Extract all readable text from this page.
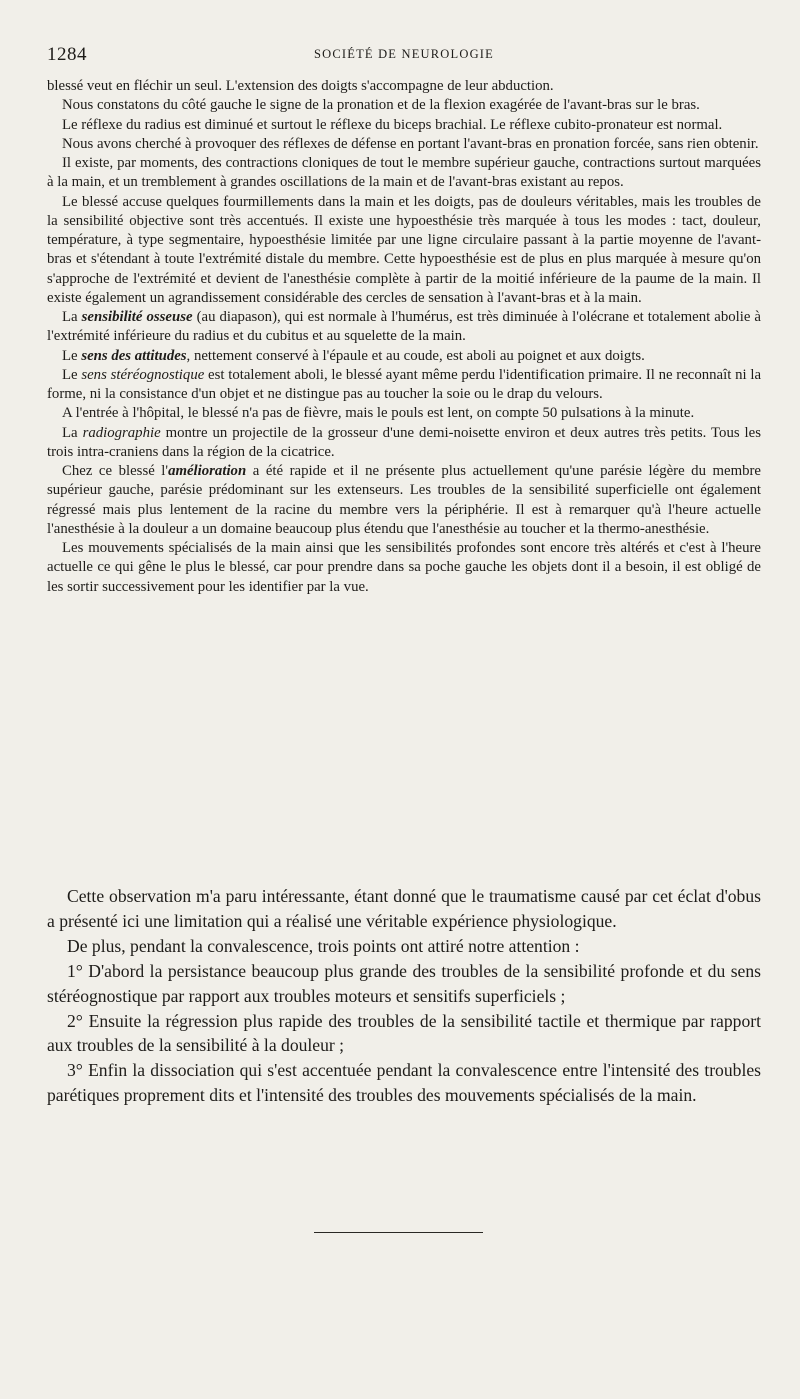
1284	SOCIÉTÉ DE NEUROLOGIE

blessé veut en fléchir un seul. L'extension des doigts s'accompagne de leur abduction.

Nous constatons du côté gauche le signe de la pronation et de la flexion exagérée de l'avant-bras sur le bras.

Le réflexe du radius est diminué et surtout le réflexe du biceps brachial. Le réflexe cubito-pronateur est normal.

Nous avons cherché à provoquer des réflexes de défense en portant l'avant-bras en pronation forcée, sans rien obtenir.

Il existe, par moments, des contractions cloniques de tout le membre supérieur gauche, contractions surtout marquées à la main, et un tremblement à grandes oscillations de la main et de l'avant-bras existant au repos.

Le blessé accuse quelques fourmillements dans la main et les doigts, pas de douleurs véritables, mais les troubles de la sensibilité objective sont très accentués. Il existe une hypoesthésie très marquée à tous les modes : tact, douleur, température, à type segmentaire, hypoesthésie limitée par une ligne circulaire passant à la partie moyenne de l'avant-bras et s'étendant à toute l'extrémité distale du membre. Cette hypoesthésie est de plus en plus marquée à mesure qu'on s'approche de l'extrémité et devient de l'anesthésie complète à partir de la moitié inférieure de la paume de la main. Il existe également un agrandissement considérable des cercles de sensation à l'avant-bras et à la main.

La sensibilité osseuse (au diapason), qui est normale à l'humérus, est très diminuée à l'olécrane et totalement abolie à l'extrémité inférieure du radius et du cubitus et au squelette de la main.

Le sens des attitudes, nettement conservé à l'épaule et au coude, est aboli au poignet et aux doigts.

Le sens stéréognostique est totalement aboli, le blessé ayant même perdu l'identification primaire. Il ne reconnaît ni la forme, ni la consistance d'un objet et ne distingue pas au toucher la soie ou le drap du velours.

A l'entrée à l'hôpital, le blessé n'a pas de fièvre, mais le pouls est lent, on compte 50 pulsations à la minute.

La radiographie montre un projectile de la grosseur d'une demi-noisette environ et deux autres très petits. Tous les trois intra-craniens dans la région de la cicatrice.

Chez ce blessé l'amélioration a été rapide et il ne présente plus actuellement qu'une parésie légère du membre supérieur gauche, parésie prédominant sur les extenseurs. Les troubles de la sensibilité superficielle ont également régressé mais plus lentement de la racine du membre vers la périphérie. Il est à remarquer qu'à l'heure actuelle l'anesthésie à la douleur a un domaine beaucoup plus étendu que l'anesthésie au toucher et la thermo-anesthésie.

Les mouvements spécialisés de la main ainsi que les sensibilités profondes sont encore très altérés et c'est à l'heure actuelle ce qui gêne le plus le blessé, car pour prendre dans sa poche gauche les objets dont il a besoin, il est obligé de les sortir successivement pour les identifier par la vue.

Cette observation m'a paru intéressante, étant donné que le traumatisme causé par cet éclat d'obus a présenté ici une limitation qui a réalisé une véritable expérience physiologique.

De plus, pendant la convalescence, trois points ont attiré notre attention :

1° D'abord la persistance beaucoup plus grande des troubles de la sensibilité profonde et du sens stéréognostique par rapport aux troubles moteurs et sensitifs superficiels ;

2° Ensuite la régression plus rapide des troubles de la sensibilité tactile et thermique par rapport aux troubles de la sensibilité à la douleur ;

3° Enfin la dissociation qui s'est accentuée pendant la convalescence entre l'intensité des troubles parétiques proprement dits et l'intensité des troubles des mouvements spécialisés de la main.
